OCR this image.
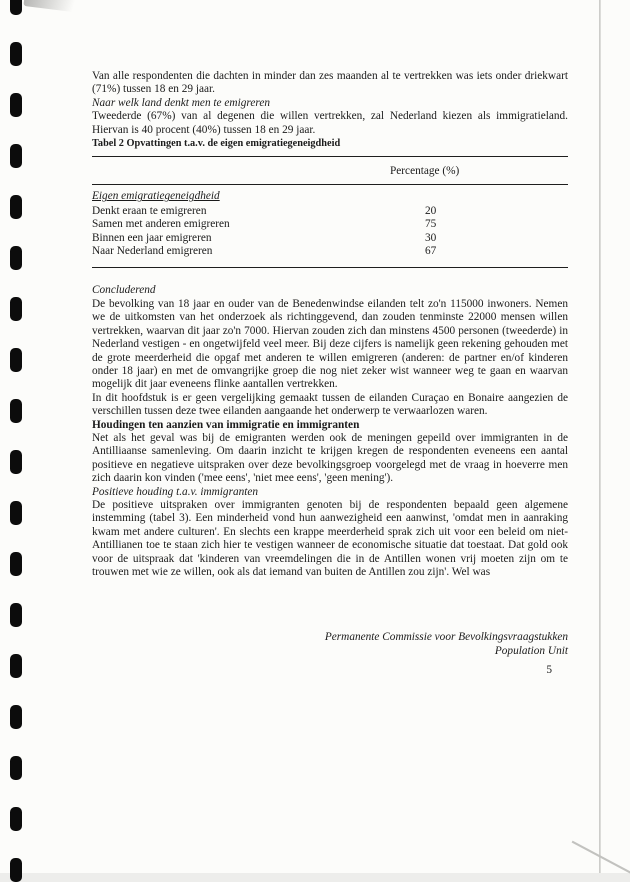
Van alle respondenten die dachten in minder dan zes maanden al te vertrekken was iets onder driekwart (71%) tussen 18 en 29 jaar.

Naar welk land denkt men te emigreren

Tweederde (67%) van al degenen die willen vertrekken, zal Nederland kiezen als immigratieland. Hiervan is 40 procent (40%) tussen 18 en 29 jaar.

Tabel 2 Opvattingen t.a.v. de eigen emigratiegeneigdheid

Percentage (%)
Eigen emigratiegeneigdheid
Denkt eraan te emigreren	20
Samen met anderen emigreren	75
Binnen een jaar emigreren	30
Naar Nederland emigreren	67

Concluderend

De bevolking van 18 jaar en ouder van de Benedenwindse eilanden telt zo'n 115000 inwoners. Nemen we de uitkomsten van het onderzoek als richtinggevend, dan zouden tenminste 22000 mensen willen vertrekken, waarvan dit jaar zo'n 7000. Hiervan zouden zich dan minstens 4500 personen (tweederde) in Nederland vestigen - en ongetwijfeld veel meer. Bij deze cijfers is namelijk geen rekening gehouden met de grote meerderheid die opgaf met anderen te willen emigreren (anderen: de partner en/of kinderen onder 18 jaar) en met de omvangrijke groep die nog niet zeker wist wanneer weg te gaan en waarvan mogelijk dit jaar eveneens flinke aantallen vertrekken.

In dit hoofdstuk is er geen vergelijking gemaakt tussen de eilanden Curaçao en Bonaire aangezien de verschillen tussen deze twee eilanden aangaande het onderwerp te verwaarlozen waren.

Houdingen ten aanzien van immigratie en immigranten

Net als het geval was bij de emigranten werden ook de meningen gepeild over immigranten in de Antilliaanse samenleving. Om daarin inzicht te krijgen kregen de respondenten eveneens een aantal positieve en negatieve uitspraken over deze bevolkingsgroep voorgelegd met de vraag in hoeverre men zich daarin kon vinden ('mee eens', 'niet mee eens', 'geen mening').

Positieve houding t.a.v. immigranten

De positieve uitspraken over immigranten genoten bij de respondenten bepaald geen algemene instemming (tabel 3). Een minderheid vond hun aanwezigheid een aanwinst, 'omdat men in aanraking kwam met andere culturen'. En slechts een krappe meerderheid sprak zich uit voor een beleid om niet-Antillianen toe te staan zich hier te vestigen wanneer de economische situatie dat toestaat. Dat gold ook voor de uitspraak dat 'kinderen van vreemdelingen die in de Antillen wonen vrij moeten zijn om te trouwen met wie ze willen, ook als dat iemand van buiten de Antillen zou zijn'. Wel was

Permanente Commissie voor Bevolkingsvraagstukken
Population Unit
5
